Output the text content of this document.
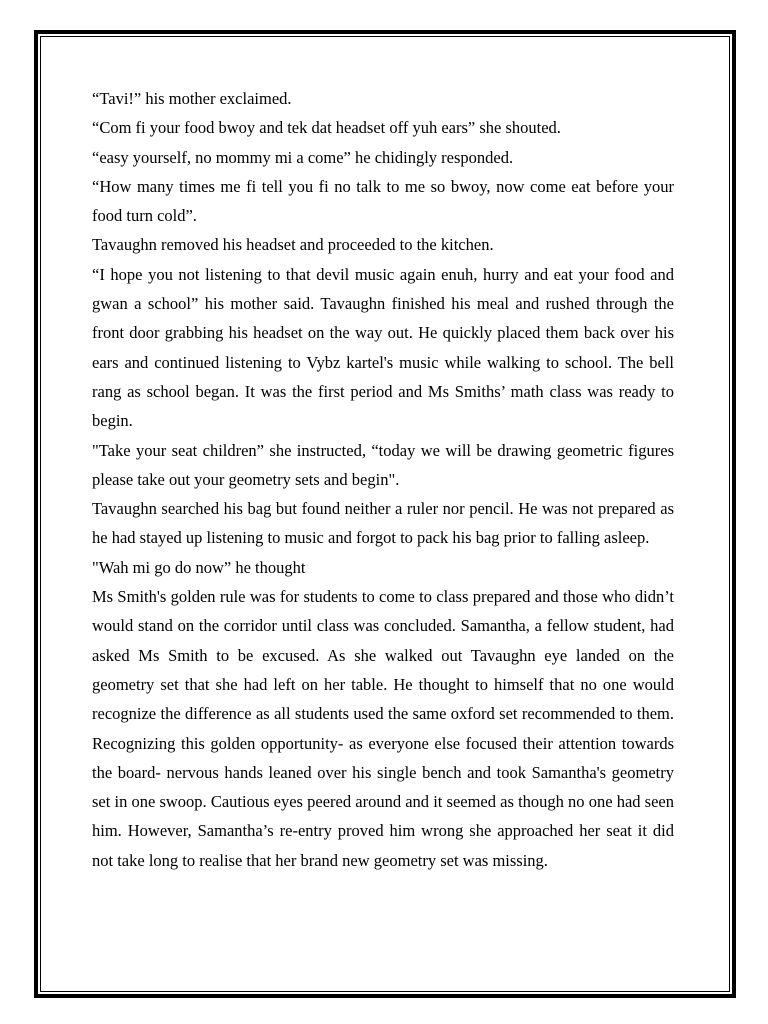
“Tavi!” his mother exclaimed.

“Com fi your food bwoy and tek dat headset off yuh ears” she shouted.

“easy yourself, no mommy mi a come” he chidingly responded.

“How many times me fi tell you fi no talk to me so bwoy, now come eat before your food turn cold”.

Tavaughn removed his headset and proceeded to the kitchen.

“I hope you not listening to that devil music again enuh, hurry and eat your food and gwan a school” his mother said. Tavaughn finished his meal and rushed through the front door grabbing his headset on the way out. He quickly placed them back over his ears and continued listening to Vybz kartel's music while walking to school. The bell rang as school began. It was the first period and Ms Smiths’ math class was ready to begin.

"Take your seat children” she instructed, “today we will be drawing geometric figures please take out your geometry sets and begin".

Tavaughn searched his bag but found neither a ruler nor pencil. He was not prepared as he had stayed up listening to music and forgot to pack his bag prior to falling asleep.

"Wah mi go do now” he thought

Ms Smith's golden rule was for students to come to class prepared and those who didn’t would stand on the corridor until class was concluded. Samantha, a fellow student, had asked Ms Smith to be excused. As she walked out Tavaughn eye landed on the geometry set that she had left on her table. He thought to himself that no one would recognize the difference as all students used the same oxford set recommended to them. Recognizing this golden opportunity- as everyone else focused their attention towards the board- nervous hands leaned over his single bench and took Samantha's geometry set in one swoop. Cautious eyes peered around and it seemed as though no one had seen him. However, Samantha’s re-entry proved him wrong she approached her seat it did not take long to realise that her brand new geometry set was missing.
